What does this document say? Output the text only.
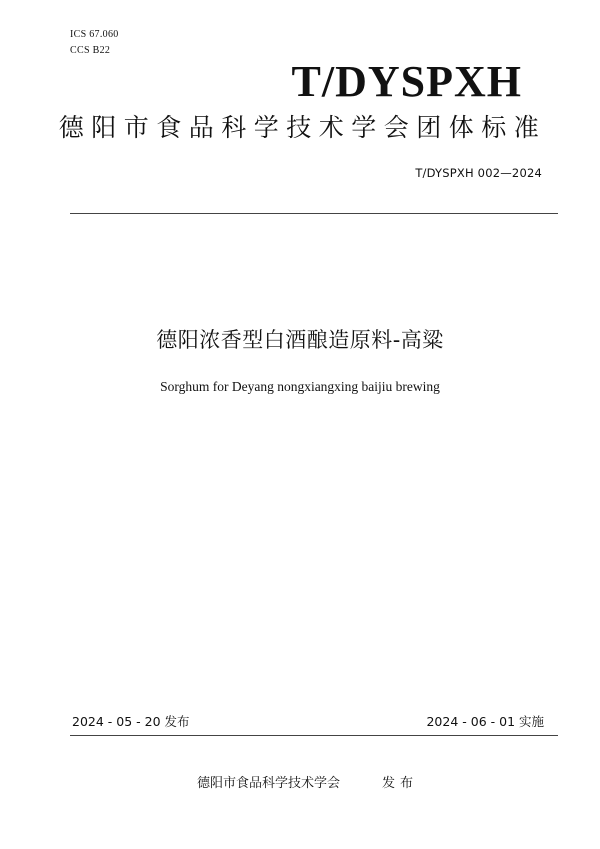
ICS 67.060
CCS B22
T/DYSPXH
德阳市食品科学技术学会团体标准
T/DYSPXH 002—2024
德阳浓香型白酒酿造原料-高粱
Sorghum for Deyang nongxiangxing baijiu brewing
2024 - 05 - 20 发布	2024 - 06 - 01 实施
德阳市食品科学技术学会	发布
